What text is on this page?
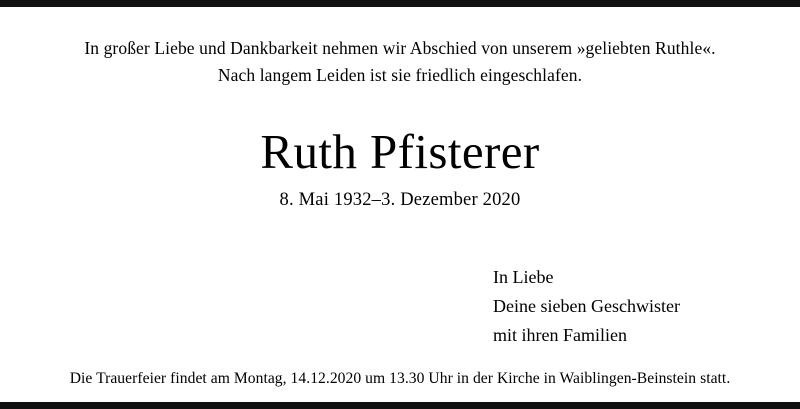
In großer Liebe und Dankbarkeit nehmen wir Abschied von unserem »geliebten Ruthle«.
Nach langem Leiden ist sie friedlich eingeschlafen.
Ruth Pfisterer
8. Mai 1932–3. Dezember 2020
In Liebe
Deine sieben Geschwister
mit ihren Familien
Die Trauerfeier findet am Montag, 14.12.2020 um 13.30 Uhr in der Kirche in Waiblingen-Beinstein statt.
